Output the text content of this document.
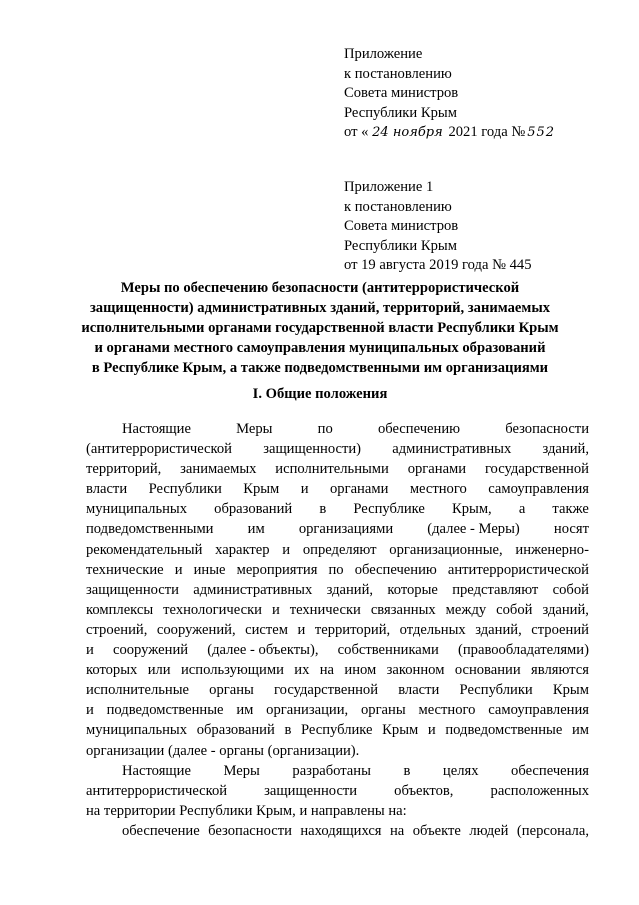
Приложение
к постановлению
Совета министров
Республики Крым
от « 24 ноября 2021 года № 552
Приложение 1
к постановлению
Совета министров
Республики Крым
от 19 августа 2019 года № 445
Меры по обеспечению безопасности (антитеррористической
защищенности) административных зданий, территорий, занимаемых
исполнительными органами государственной власти Республики Крым
и органами местного самоуправления муниципальных образований
в Республике Крым, а также подведомственными им организациями
I. Общие положения
Настоящие	Меры	по	обеспечению	безопасности
(антитеррористической защищенности) административных зданий,
территорий, занимаемых исполнительными органами государственной
власти Республики Крым и органами местного самоуправления
муниципальных образований в Республике Крым, а также
подведомственными им организациями (далее - Меры) носят
рекомендательный характер и определяют организационные, инженерно-
технические и иные мероприятия по обеспечению антитеррористической
защищенности административных зданий, которые представляют собой
комплексы технологически и технически связанных между собой зданий,
строений, сооружений, систем и территорий, отдельных зданий, строений
и сооружений (далее - объекты), собственниками (правообладателями)
которых или использующими их на ином законном основании являются
исполнительные органы государственной власти Республики Крым
и подведомственные им организации, органы местного самоуправления
муниципальных образований в Республике Крым и подведомственные им
организации (далее - органы (организации).
Настоящие Меры разработаны в целях обеспечения
антитеррористической	защищенности	объектов,	расположенных
на территории Республики Крым, и направлены на:
обеспечение безопасности находящихся на объекте людей (персонала,
